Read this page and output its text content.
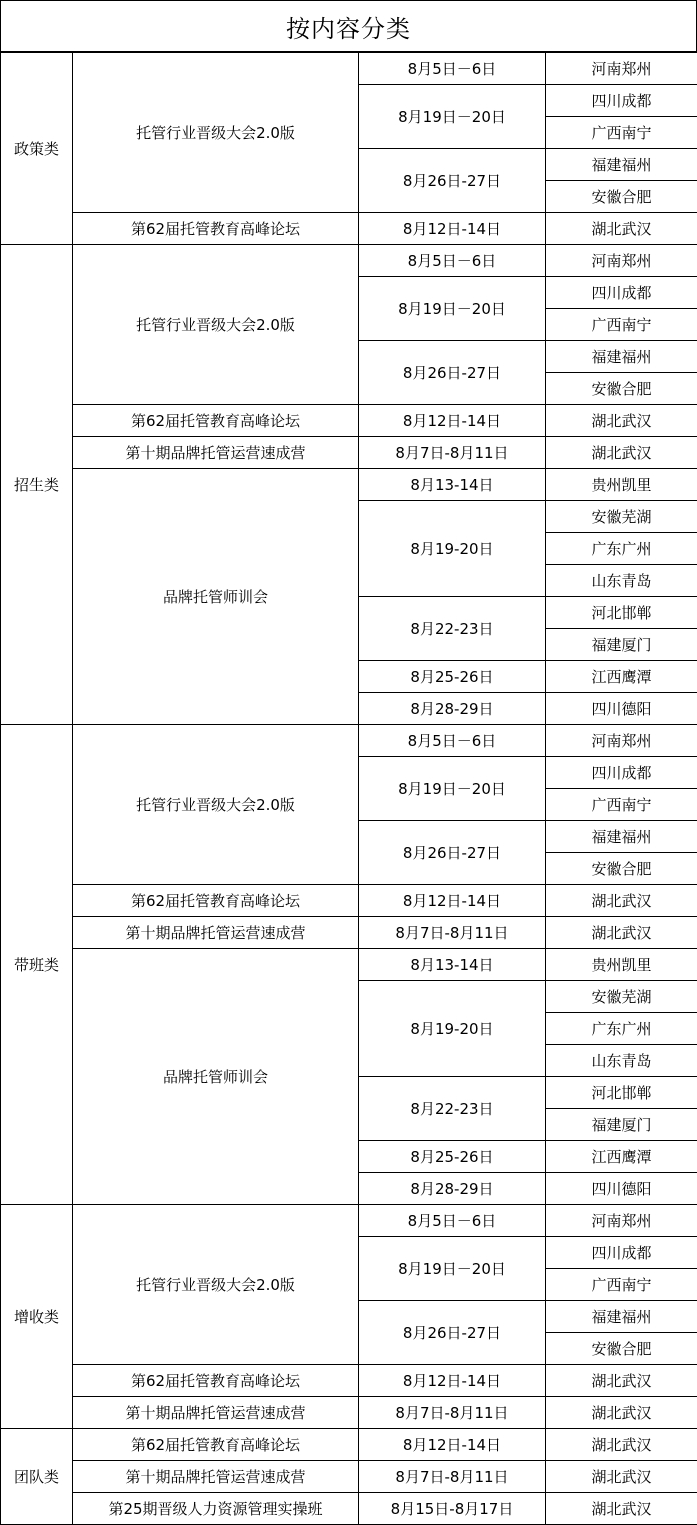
按内容分类
政策类	托管行业晋级大会2.0版	8月5日－6日	河南郑州
		8月19日－20日	四川成都
			广西南宁
		8月26日-27日	福建福州
			安徽合肥
	第62届托管教育高峰论坛	8月12日-14日	湖北武汉
招生类	托管行业晋级大会2.0版	8月5日－6日	河南郑州
		8月19日－20日	四川成都
			广西南宁
		8月26日-27日	福建福州
			安徽合肥
	第62届托管教育高峰论坛	8月12日-14日	湖北武汉
	第十期品牌托管运营速成营	8月7日-8月11日	湖北武汉
	品牌托管师训会	8月13-14日	贵州凯里
		8月19-20日	安徽芜湖
			广东广州
			山东青岛
		8月22-23日	河北邯郸
			福建厦门
		8月25-26日	江西鹰潭
		8月28-29日	四川德阳
带班类	托管行业晋级大会2.0版	8月5日－6日	河南郑州
		8月19日－20日	四川成都
			广西南宁
		8月26日-27日	福建福州
			安徽合肥
	第62届托管教育高峰论坛	8月12日-14日	湖北武汉
	第十期品牌托管运营速成营	8月7日-8月11日	湖北武汉
	品牌托管师训会	8月13-14日	贵州凯里
		8月19-20日	安徽芜湖
			广东广州
			山东青岛
		8月22-23日	河北邯郸
			福建厦门
		8月25-26日	江西鹰潭
		8月28-29日	四川德阳
增收类	托管行业晋级大会2.0版	8月5日－6日	河南郑州
		8月19日－20日	四川成都
			广西南宁
		8月26日-27日	福建福州
			安徽合肥
	第62届托管教育高峰论坛	8月12日-14日	湖北武汉
	第十期品牌托管运营速成营	8月7日-8月11日	湖北武汉
团队类	第62届托管教育高峰论坛	8月12日-14日	湖北武汉
	第十期品牌托管运营速成营	8月7日-8月11日	湖北武汉
	第25期晋级人力资源管理实操班	8月15日-8月17日	湖北武汉
